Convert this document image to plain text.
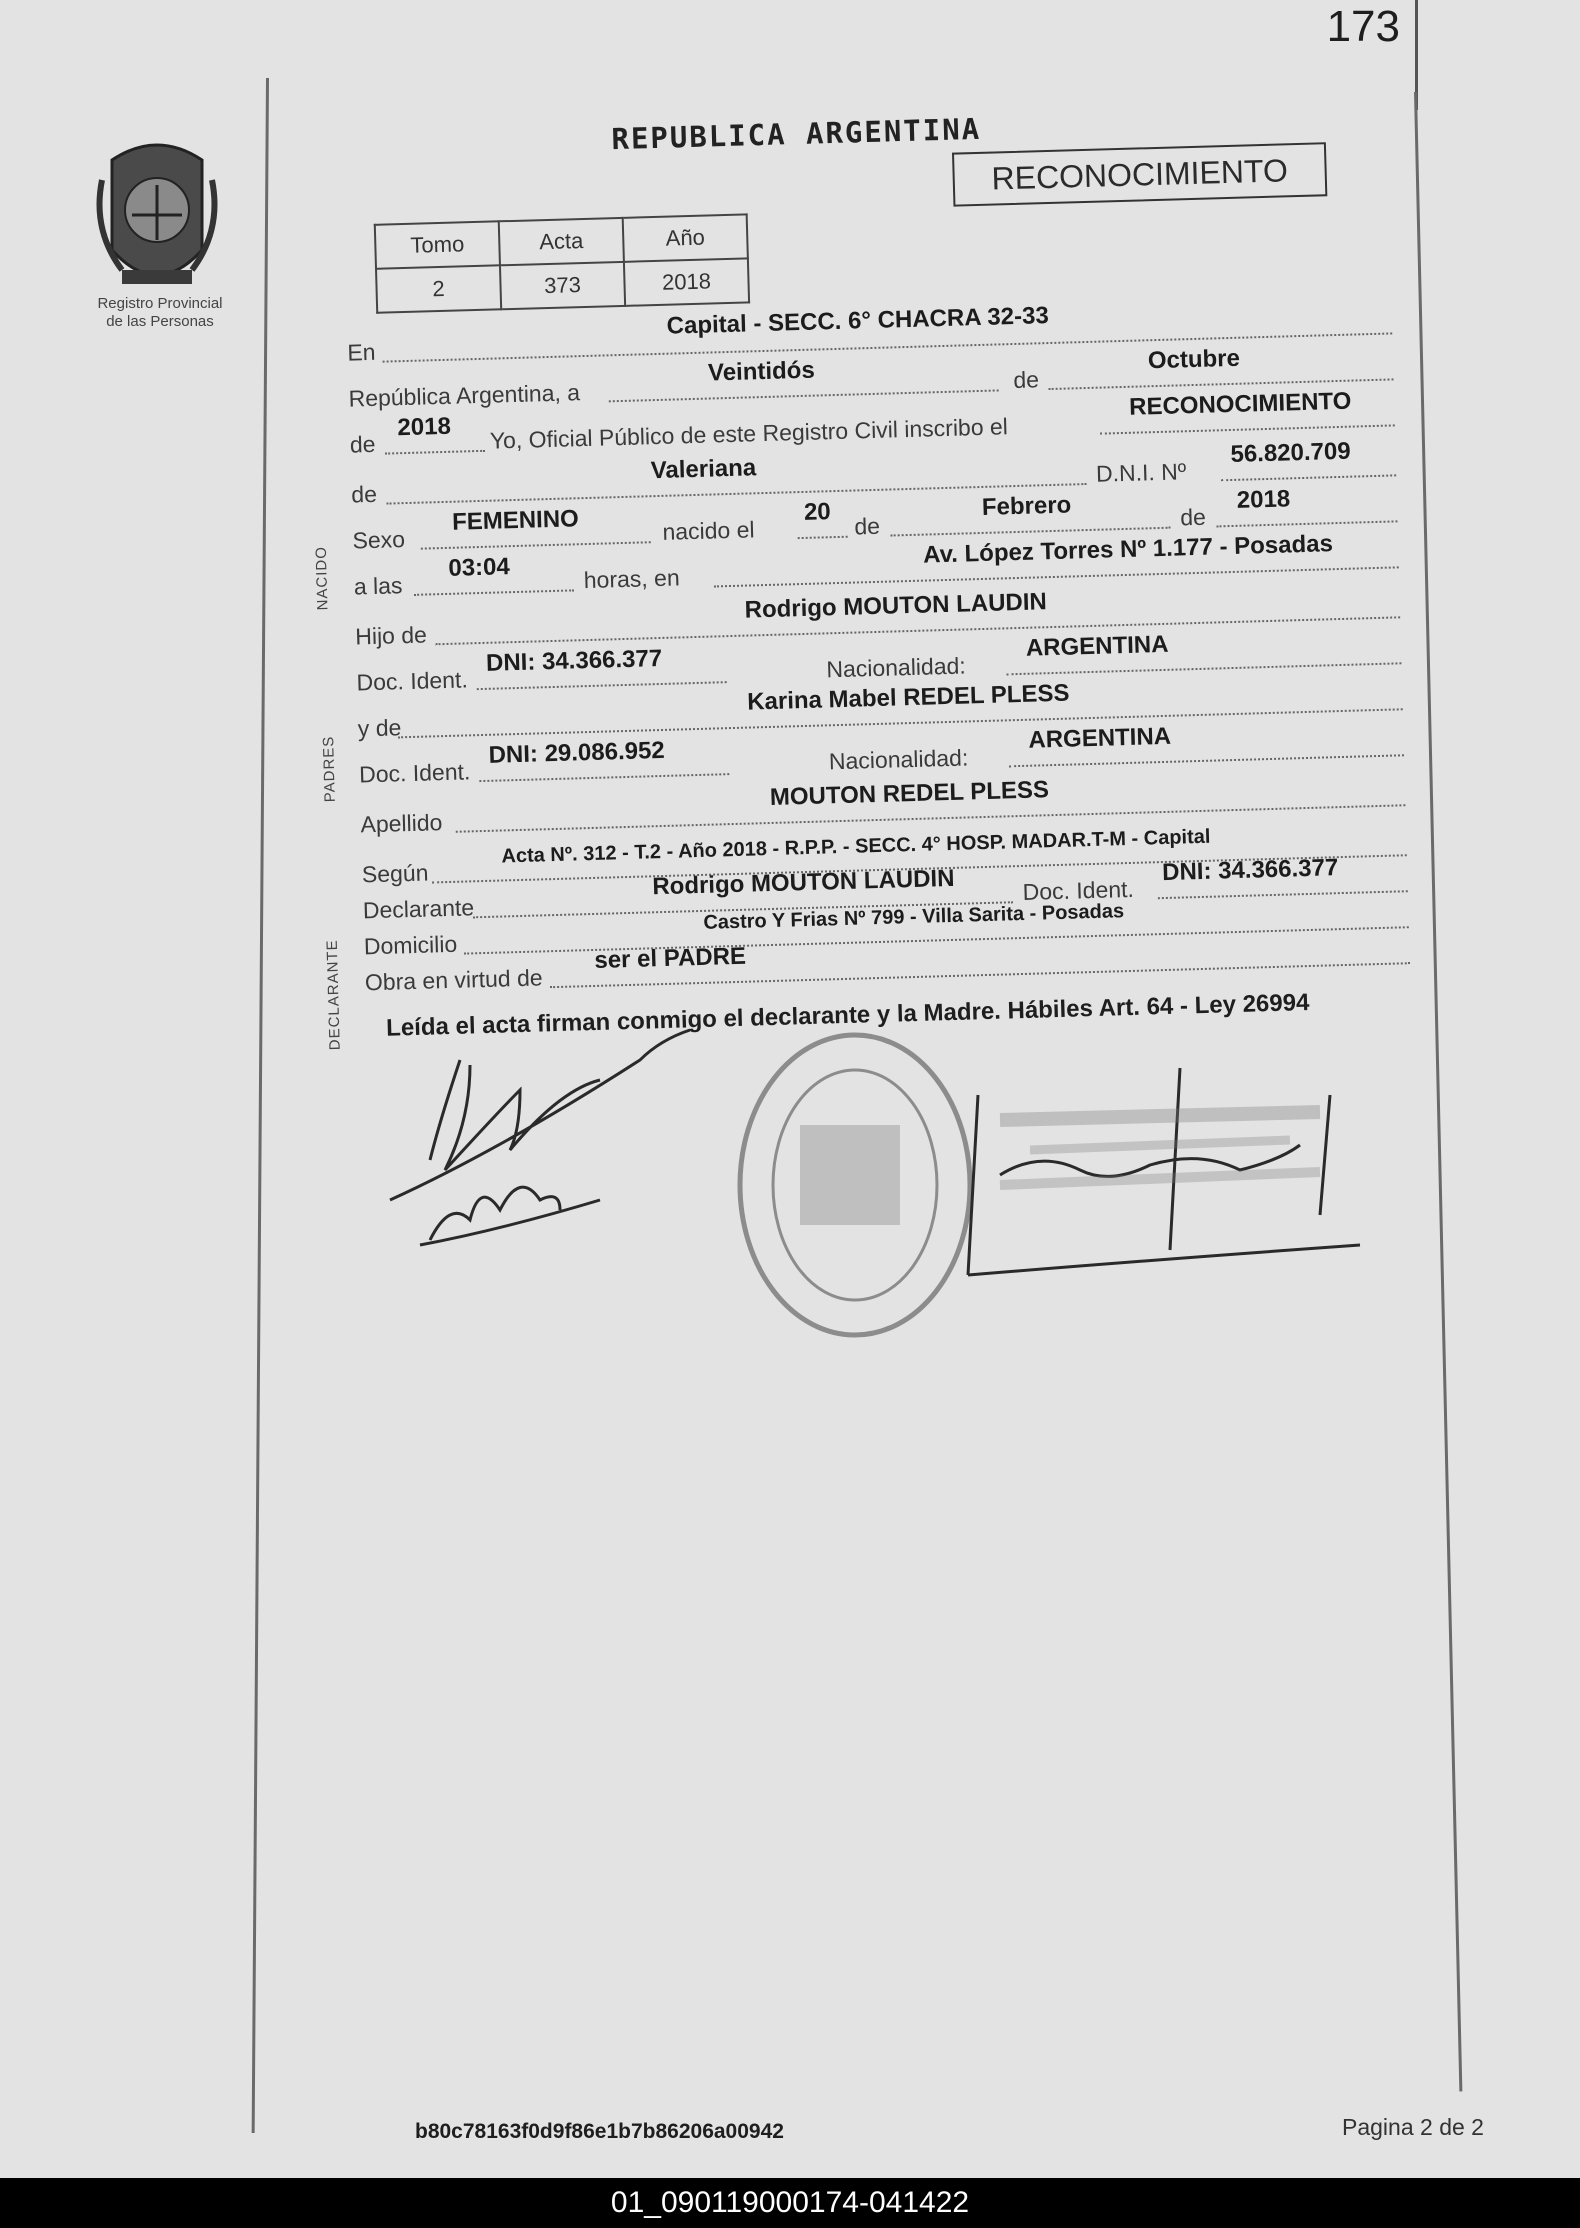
173
Registro Provincial
de las Personas
REPUBLICA ARGENTINA
RECONOCIMIENTO
Tomo	Acta	Año
2	373	2018
En
Capital - SECC. 6° CHACRA 32-33
República Argentina, a
Veintidós	de
Octubre
de
2018 Yo, Oficial Público de este Registro Civil inscribo el
RECONOCIMIENTO
NACIDO
de
Valeriana	D.N.I. Nº
56.820.709
Sexo
FEMENINO	nacido el
20
de
Febrero	de
2018
a las
03:04	horas, en
Av. López Torres Nº 1.177 - Posadas
PADRES
Hijo de
Rodrigo MOUTON LAUDIN
Doc. Ident.
DNI: 34.366.377	Nacionalidad:
ARGENTINA
y de
Karina Mabel REDEL PLESS
Doc. Ident.
DNI: 29.086.952	Nacionalidad:
ARGENTINA
Apellido
MOUTON REDEL PLESS
DECLARANTE
Según
Acta Nº. 312 - T.2 - Año 2018 - R.P.P. - SECC. 4° HOSP. MADAR.T-M - Capital
Declarante
Rodrigo MOUTON LAUDIN	Doc. Ident.
DNI: 34.366.377
Domicilio
Castro Y Frias Nº 799 - Villa Sarita - Posadas
Obra en virtud de
ser el PADRE
Leída el acta firman conmigo el declarante y la Madre. Hábiles Art. 64 - Ley 26994
b80c78163f0d9f86e1b7b86206a00942	Pagina 2 de 2
01_090119000174-041422
